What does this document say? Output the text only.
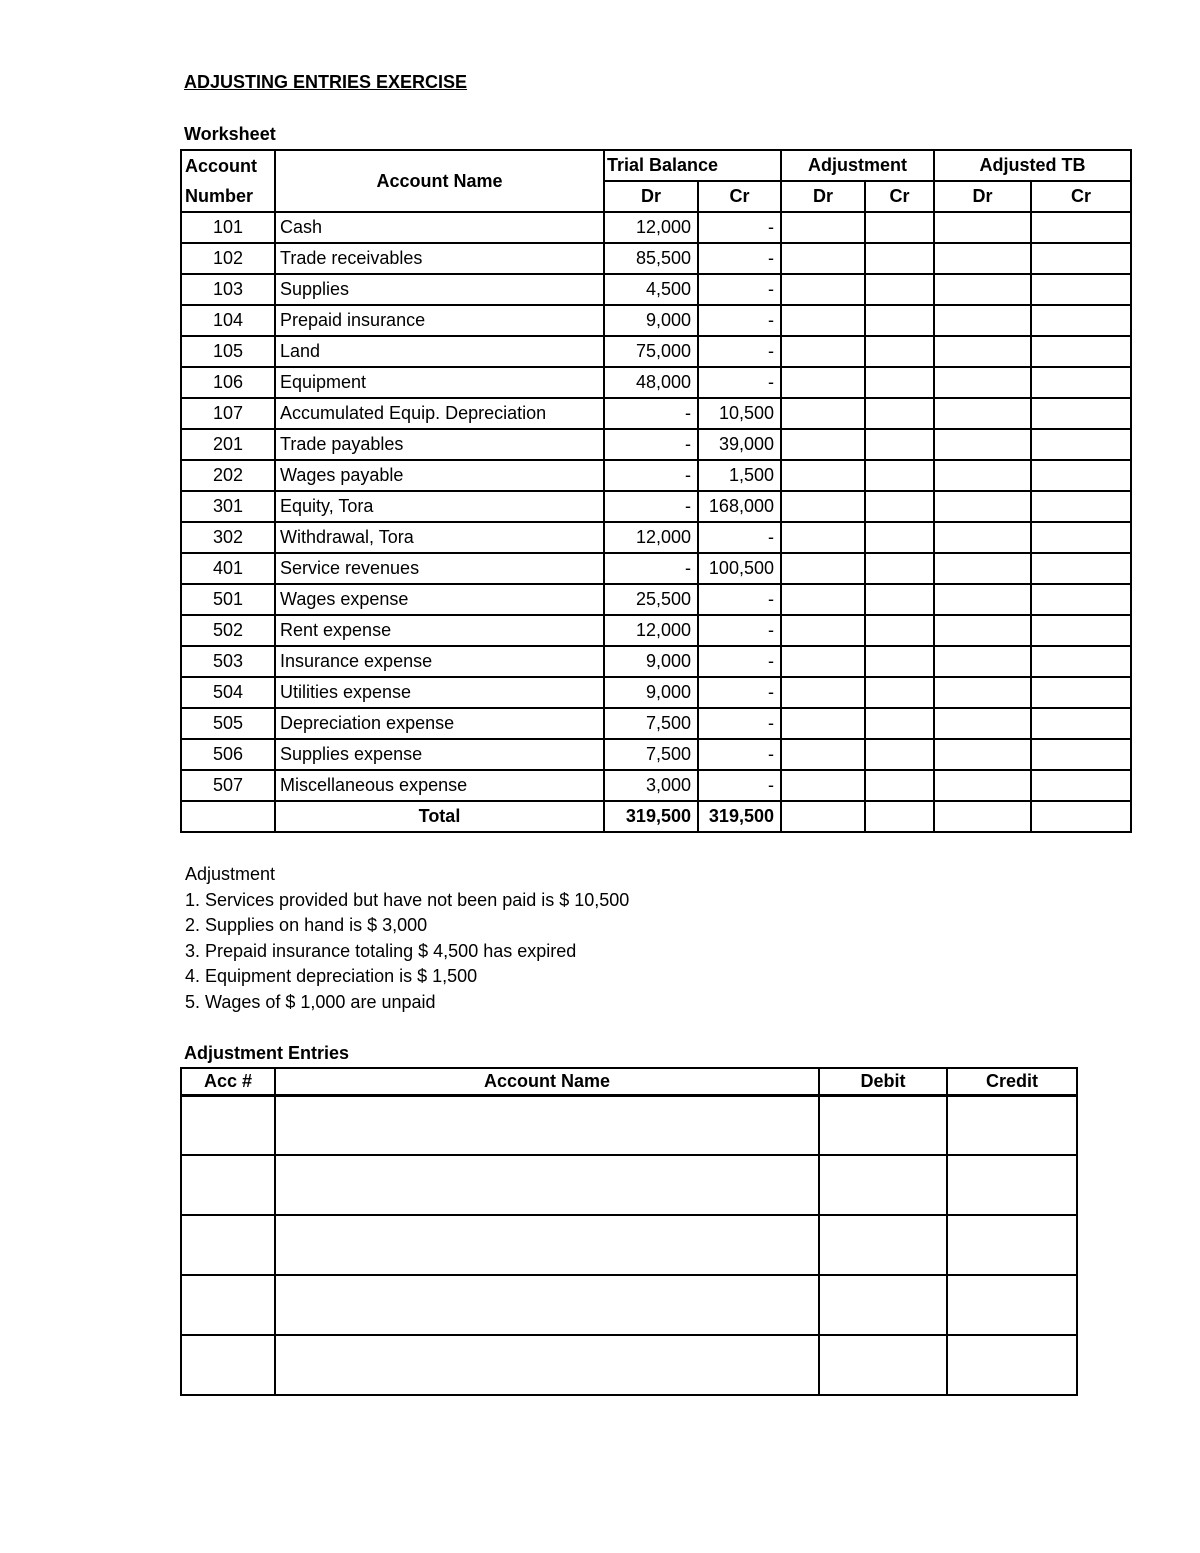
ADJUSTING ENTRIES EXERCISE
Worksheet
Account
Number	Account Name	Trial Balance		Adjustment		Adjusted TB	
		Dr	Cr	Dr	Cr	Dr	Cr
101	Cash	12,000	-				
102	Trade receivables	85,500	-				
103	Supplies	4,500	-				
104	Prepaid insurance	9,000	-				
105	Land	75,000	-				
106	Equipment	48,000	-				
107	Accumulated Equip. Depreciation	-	10,500				
201	Trade payables	-	39,000				
202	Wages payable	-	1,500				
301	Equity, Tora	-	168,000				
302	Withdrawal, Tora	12,000	-				
401	Service revenues	-	100,500				
501	Wages expense	25,500	-				
502	Rent expense	12,000	-				
503	Insurance expense	9,000	-				
504	Utilities expense	9,000	-				
505	Depreciation expense	7,500	-				
506	Supplies expense	7,500	-				
507	Miscellaneous expense	3,000	-				
	Total	319,500	319,500				
Adjustment
1. Services provided but have not been paid is $ 10,500
2. Supplies on hand is $ 3,000
3. Prepaid insurance totaling $ 4,500 has expired
4. Equipment depreciation is $ 1,500
5. Wages of $ 1,000 are unpaid
Adjustment Entries
Acc #	Account Name	Debit	Credit
